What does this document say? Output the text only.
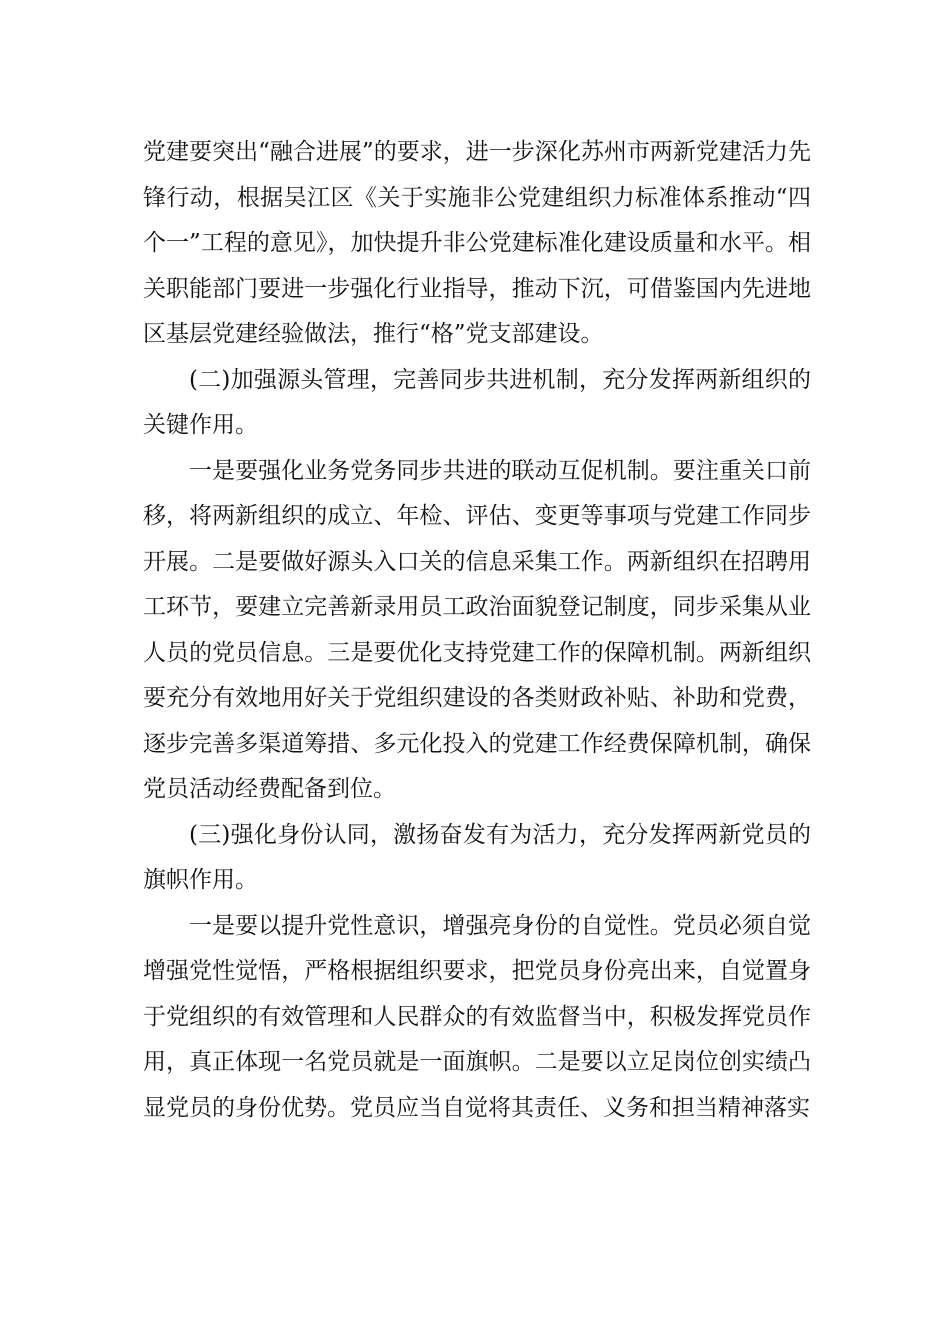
党建要突出“融合进展”的要求，进一步深化苏州市两新党建活力先锋行动，根据吴江区《关于实施非公党建组织力标准体系推动“四个一”工程的意见》，加快提升非公党建标准化建设质量和水平。相关职能部门要进一步强化行业指导，推动下沉，可借鉴国内先进地区基层党建经验做法，推行“格”党支部建设。

(二)加强源头管理，完善同步共进机制，充分发挥两新组织的关键作用。

一是要强化业务党务同步共进的联动互促机制。要注重关口前移，将两新组织的成立、年检、评估、变更等事项与党建工作同步开展。二是要做好源头入口关的信息采集工作。两新组织在招聘用工环节，要建立完善新录用员工政治面貌登记制度，同步采集从业人员的党员信息。三是要优化支持党建工作的保障机制。两新组织要充分有效地用好关于党组织建设的各类财政补贴、补助和党费，逐步完善多渠道筹措、多元化投入的党建工作经费保障机制，确保党员活动经费配备到位。

(三)强化身份认同，激扬奋发有为活力，充分发挥两新党员的旗帜作用。

一是要以提升党性意识，增强亮身份的自觉性。党员必须自觉增强党性觉悟，严格根据组织要求，把党员身份亮出来，自觉置身于党组织的有效管理和人民群众的有效监督当中，积极发挥党员作用，真正体现一名党员就是一面旗帜。二是要以立足岗位创实绩凸显党员的身份优势。党员应当自觉将其责任、义务和担当精神落实
